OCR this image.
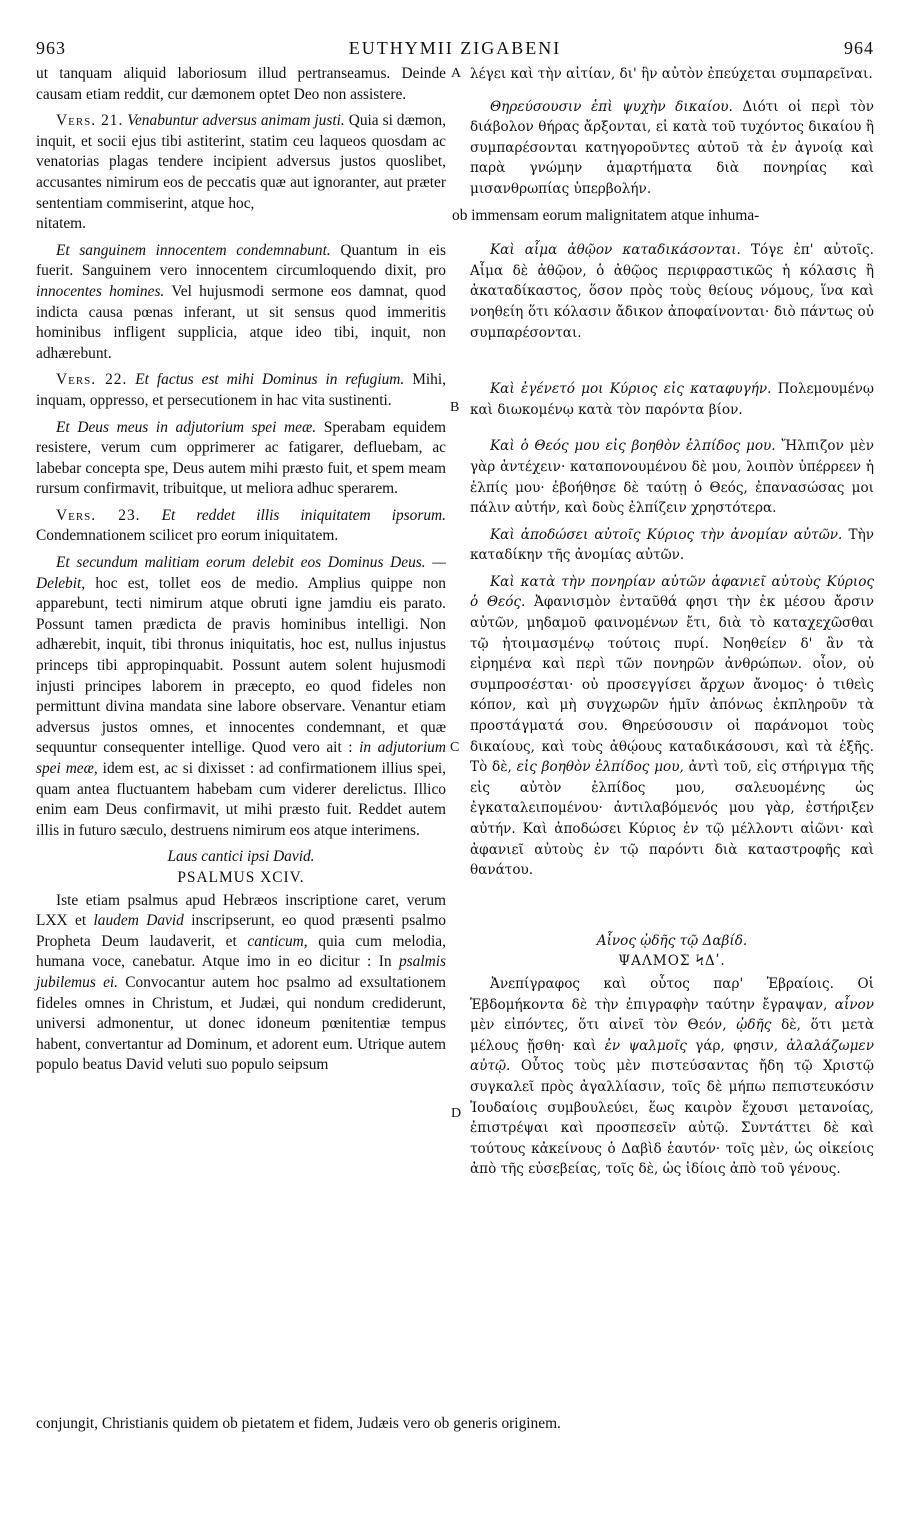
963	EUTHYMII ZIGABENI	964
A
B
C
D

ut tanquam aliquid laboriosum illud pertranseamus. Deinde causam etiam reddit, cur dæmonem optet Deo non assistere.

Vers. 21. Venabuntur adversus animam justi. Quia si dæmon, inquit, et socii ejus tibi astiterint, statim ceu laqueos quosdam ac venatorias plagas tendere incipient adversus justos quoslibet, accusantes nimirum eos de peccatis quæ aut ignoranter, aut præter sententiam commiserint, atque hoc,

nitatem.

Et sanguinem innocentem condemnabunt. Quantum in eis fuerit. Sanguinem vero innocentem circumloquendo dixit, pro innocentes homines. Vel hujusmodi sermone eos damnat, quod indicta causa pœnas inferant, ut sit sensus quod immeritis hominibus infligent supplicia, atque ideo tibi, inquit, non adhærebunt.

Vers. 22. Et factus est mihi Dominus in refugium. Mihi, inquam, oppresso, et persecutionem in hac vita sustinenti.

Et Deus meus in adjutorium spei meæ. Sperabam equidem resistere, verum cum opprimerer ac fatigarer, defluebam, ac labebar concepta spe, Deus autem mihi præsto fuit, et spem meam rursum confirmavit, tribuitque, ut meliora adhuc sperarem.

Vers. 23. Et reddet illis iniquitatem ipsorum. Condemnationem scilicet pro eorum iniquitatem.

Et secundum malitiam eorum delebit eos Dominus Deus. — Delebit, hoc est, tollet eos de medio. Amplius quippe non apparebunt, tecti nimirum atque obruti igne jamdiu eis parato. Possunt tamen prædicta de pravis hominibus intelligi. Non adhærebit, inquit, tibi thronus iniquitatis, hoc est, nullus injustus princeps tibi appropinquabit. Possunt autem solent hujusmodi injusti principes laborem in præcepto, eo quod fideles non permittunt divina mandata sine labore observare. Venantur etiam adversus justos omnes, et innocentes condemnant, et quæ sequuntur consequenter intellige. Quod vero ait : in adjutorium spei meæ, idem est, ac si dixisset : ad confirmationem illius spei, quam antea fluctuantem habebam cum viderer derelictus. Illico enim eam Deus confirmavit, ut mihi præsto fuit. Reddet autem illis in futuro sæculo, destruens nimirum eos atque interimens.

Laus cantici ipsi David.

PSALMUS XCIV.

Iste etiam psalmus apud Hebræos inscriptione caret, verum LXX et laudem David inscripserunt, eo quod præsenti psalmo Propheta Deum laudaverit, et canticum, quia cum melodia, humana voce, canebatur. Atque imo in eo dicitur : In psalmis jubilemus ei. Convocantur autem hoc psalmo ad exsultationem fideles omnes in Christum, et Judæi, qui nondum crediderunt, universi admonentur, ut donec idoneum pœnitentiæ tempus habent, convertantur ad Dominum, et adorent eum. Utrique autem populo beatus David veluti suo populo seipsum

λέγει καὶ τὴν αἰτίαν, δι' ἣν αὐτὸν ἐπεύχεται συμπαρεῖναι.

Θηρεύσουσιν ἐπὶ ψυχὴν δικαίου. Διότι οἱ περὶ τὸν διάβολον θήρας ἄρξονται, εἰ κατὰ τοῦ τυχόντος δικαίου ἢ συμπαρέσονται κατηγοροῦντες αὐτοῦ τὰ ἐν ἀγνοίᾳ καὶ παρὰ γνώμην ἁμαρτήματα διὰ πονηρίας καὶ μισανθρωπίας ὑπερβολήν.

ob immensam eorum malignitatem atque inhuma-

Καὶ αἷμα ἀθῷον καταδικάσονται. Τόγε ἐπ' αὐτοῖς. Αἷμα δὲ ἀθῷον, ὁ ἀθῷος περιφραστικῶς ἡ κόλασις ἢ ἀκαταδίκαστος, ὅσον πρὸς τοὺς θείους νόμους, ἵνα καὶ νοηθείη ὅτι κόλασιν ἄδικον ἀποφαίνονται· διὸ πάντως οὐ συμπαρέσονται.

Καὶ ἐγένετό μοι Κύριος εἰς καταφυγήν. Πολεμουμένῳ καὶ διωκομένῳ κατὰ τὸν παρόντα βίον.

Καὶ ὁ Θεός μου εἰς βοηθὸν ἐλπίδος μου. Ἤλπιζον μὲν γὰρ ἀντέχειν· καταπονουμένου δὲ μου, λοιπὸν ὑπέρρεεν ἡ ἐλπίς μου· ἐβοήθησε δὲ ταύτῃ ὁ Θεός, ἐπανασώσας μοι πάλιν αὐτήν, καὶ δοὺς ἐλπίζειν χρηστότερα.

Καὶ ἀποδώσει αὐτοῖς Κύριος τὴν ἀνομίαν αὐτῶν. Τὴν καταδίκην τῆς ἀνομίας αὐτῶν.

Καὶ κατὰ τὴν πονηρίαν αὐτῶν ἀφανιεῖ αὐτοὺς Κύριος ὁ Θεός. Ἀφανισμὸν ἐνταῦθά φησι τὴν ἐκ μέσου ἄρσιν αὐτῶν, μηδαμοῦ φαινομένων ἔτι, διὰ τὸ καταχεχῶσθαι τῷ ἡτοιμασμένῳ τούτοις πυρί. Νοηθείεν δ' ἂν τὰ εἰρημένα καὶ περὶ τῶν πονηρῶν ἀνθρώπων. οἷον, οὐ συμπροσέσται· οὐ προσεγγίσει ἄρχων ἄνομος· ὁ τιθεὶς κόπον, καὶ μὴ συγχωρῶν ἡμῖν ἀπόνως ἐκπληροῦν τὰ προστάγματά σου. Θηρεύσουσιν οἱ παράνομοι τοὺς δικαίους, καὶ τοὺς ἀθῴους καταδικάσουσι, καὶ τὰ ἑξῆς. Τὸ δὲ, εἰς βοηθὸν ἐλπίδος μου, ἀντὶ τοῦ, εἰς στήριγμα τῆς εἰς αὐτὸν ἐλπίδος μου, σαλευομένης ὡς ἐγκαταλειπομένου· ἀντιλαβόμενός μου γὰρ, ἐστήριξεν αὐτήν. Καὶ ἀποδώσει Κύριος ἐν τῷ μέλλοντι αἰῶνι· καὶ ἀφανιεῖ αὐτοὺς ἐν τῷ παρόντι διὰ καταστροφῆς καὶ θανάτου.

Αἶνος ᾠδῆς τῷ Δαβίδ.

ΨΑΛΜΟΣ ϞΔʹ.

Ἀνεπίγραφος καὶ οὗτος παρ' Ἑβραίοις. Οἱ Ἑβδομήκοντα δὲ τὴν ἐπιγραφὴν ταύτην ἔγραψαν, αἶνον μὲν εἰπόντες, ὅτι αἰνεῖ τὸν Θεόν, ᾠδῆς δὲ, ὅτι μετὰ μέλους ᾔσθη· καὶ ἐν ψαλμοῖς γάρ, φησιν, ἀλαλάζωμεν αὐτῷ. Οὗτος τοὺς μὲν πιστεύσαντας ἤδη τῷ Χριστῷ συγκαλεῖ πρὸς ἀγαλλίασιν, τοῖς δὲ μήπω πεπιστευκόσιν Ἰουδαίοις συμβουλεύει, ἕως καιρὸν ἔχουσι μετανοίας, ἐπιστρέψαι καὶ προσπεσεῖν αὐτῷ. Συντάττει δὲ καὶ τούτους κἀκείνους ὁ Δαβὶδ ἑαυτόν· τοῖς μὲν, ὡς οἰκείοις ἀπὸ τῆς εὐσεβείας, τοῖς δὲ, ὡς ἰδίοις ἀπὸ τοῦ γένους.

conjungit, Christianis quidem ob pietatem et fidem, Judæis vero ob generis originem.
